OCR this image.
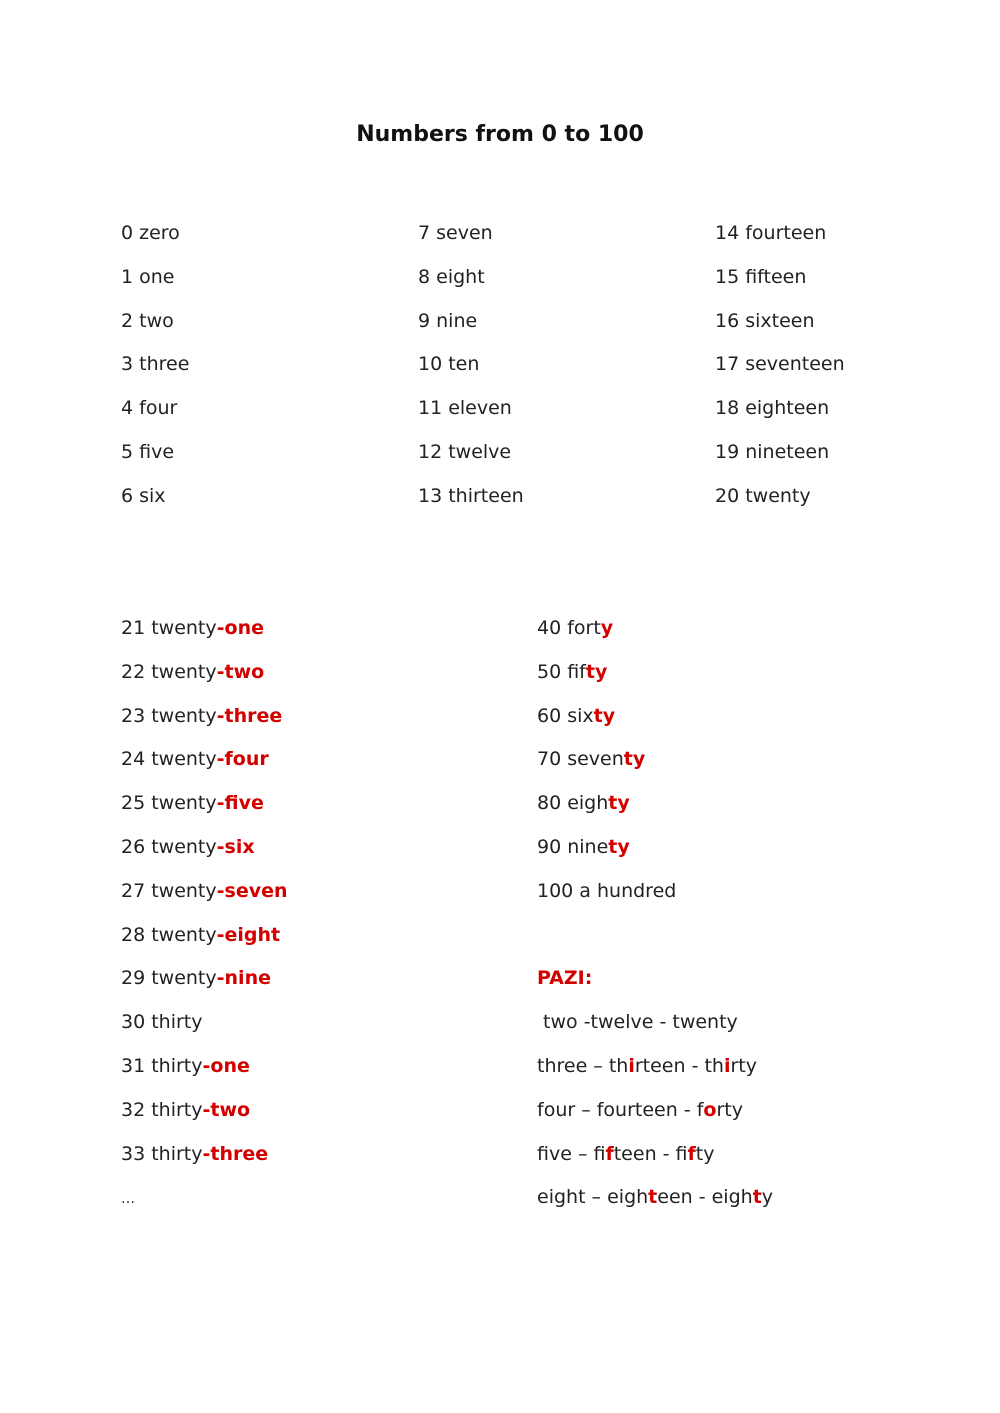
Numbers from 0 to 100
0 zero
1 one
2 two
3 three
4 four
5 five
6 six
7 seven
8 eight
9 nine
10 ten
11 eleven
12 twelve
13 thirteen
14 fourteen
15 fifteen
16 sixteen
17 seventeen
18 eighteen
19 nineteen
20 twenty
21 twenty-one
22 twenty-two
23 twenty-three
24 twenty-four
25 twenty-five
26 twenty-six
27 twenty-seven
28 twenty-eight
29 twenty-nine
30 thirty
31 thirty-one
32 thirty-two
33 thirty-three
…
40 forty
50 fifty
60 sixty
70 seventy
80 eighty
90 ninety
100 a hundred
PAZI:
two -twelve - twenty
three – thirteen - thirty
four – fourteen - forty
five – fifteen - fifty
eight – eighteen - eighty
